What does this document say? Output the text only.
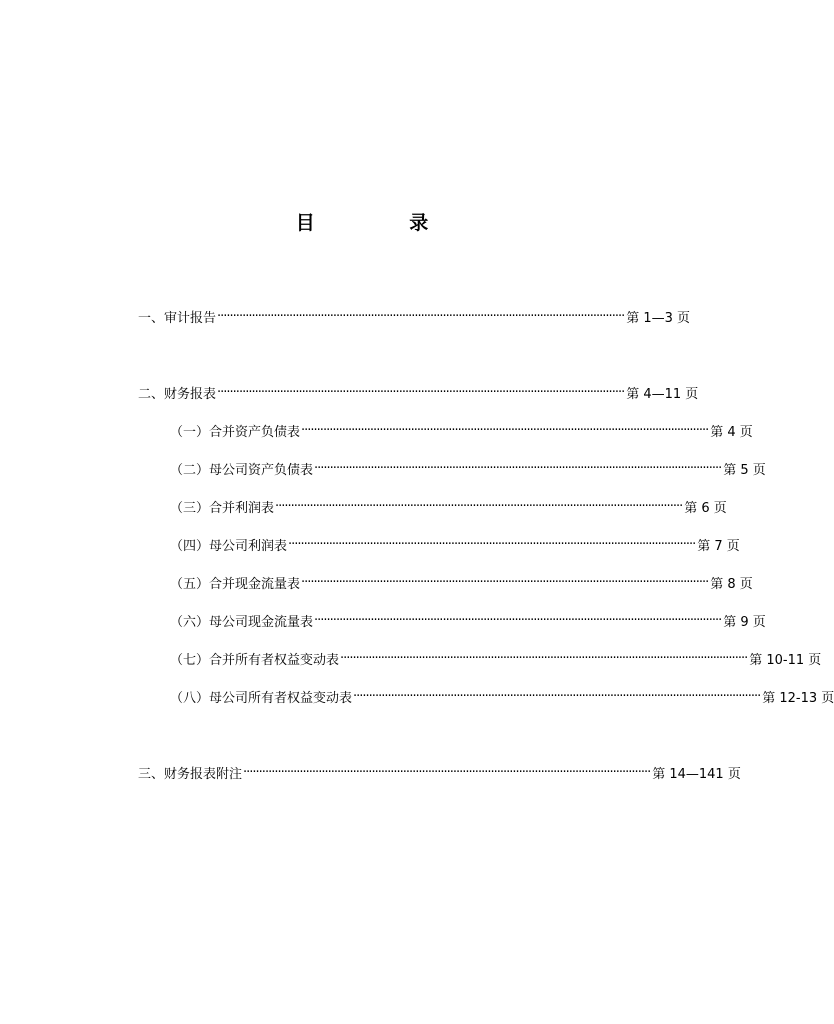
目 录
一、审计报告 ·································································································································· 第 1—3 页
二、财务报表 ·································································································································· 第 4—11 页
（一）合并资产负债表 ·································································································································· 第 4 页
（二）母公司资产负债表 ·································································································································· 第 5 页
（三）合并利润表 ·································································································································· 第 6 页
（四）母公司利润表 ·································································································································· 第 7 页
（五）合并现金流量表 ·································································································································· 第 8 页
（六）母公司现金流量表 ·································································································································· 第 9 页
（七）合并所有者权益变动表 ·································································································································· 第 10-11 页
（八）母公司所有者权益变动表 ·································································································································· 第 12-13 页
三、财务报表附注 ·································································································································· 第 14—141 页
